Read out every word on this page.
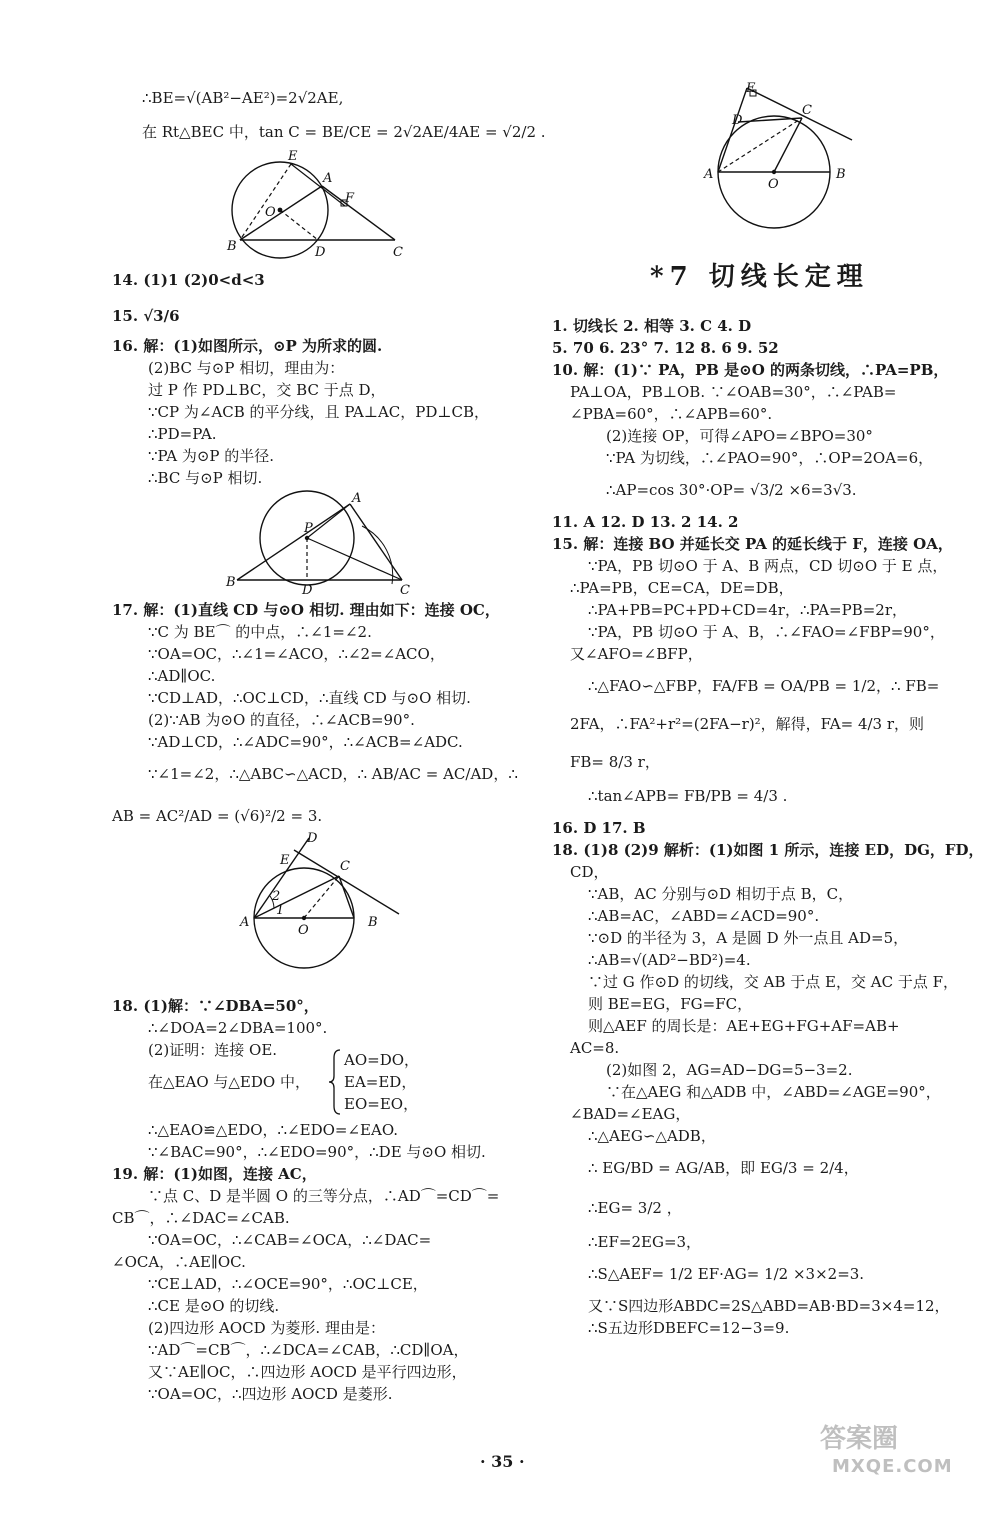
∴BE=√(AB²−AE²)=2√2AE,
在 Rt△BEC 中，tan C = BE/CE = 2√2AE/4AE = √2/2 .
14. (1)1 (2)0<d<3
15. √3/6
16. 解：(1)如图所示，⊙P 为所求的圆.
(2)BC 与⊙P 相切，理由为：
过 P 作 PD⊥BC，交 BC 于点 D，
∵CP 为∠ACB 的平分线，且 PA⊥AC，PD⊥CB，
∴PD=PA.
∵PA 为⊙P 的半径.
∴BC 与⊙P 相切.
17. 解：(1)直线 CD 与⊙O 相切. 理由如下：连接 OC，
∵C 为 BE⌒ 的中点，∴∠1=∠2.
∵OA=OC，∴∠1=∠ACO，∴∠2=∠ACO，
∴AD∥OC.
∵CD⊥AD，∴OC⊥CD，∴直线 CD 与⊙O 相切.
(2)∵AB 为⊙O 的直径，∴∠ACB=90°.
∵AD⊥CD，∴∠ADC=90°，∴∠ACB=∠ADC.
∵∠1=∠2，∴△ABC∽△ACD，∴ AB/AC = AC/AD，∴
AB = AC²/AD = (√6)²/2 = 3.
18. (1)解：∵∠DBA=50°，
∴∠DOA=2∠DBA=100°.
(2)证明：连接 OE.
在△EAO 与△EDO 中，
AO=DO，
EA=ED，
EO=EO，
∴△EAO≌△EDO，∴∠EDO=∠EAO.
∵∠BAC=90°，∴∠EDO=90°，∴DE 与⊙O 相切.
19. 解：(1)如图，连接 AC，
∵点 C、D 是半圆 O 的三等分点，∴AD⌒=CD⌒=
CB⌒，∴∠DAC=∠CAB.
∵OA=OC，∴∠CAB=∠OCA，∴∠DAC=
∠OCA，∴AE∥OC.
∵CE⊥AD，∴∠OCE=90°，∴OC⊥CE，
∴CE 是⊙O 的切线.
(2)四边形 AOCD 为菱形. 理由是：
∵AD⌒=CB⌒，∴∠DCA=∠CAB，∴CD∥OA，
又∵AE∥OC，∴四边形 AOCD 是平行四边形，
∵OA=OC，∴四边形 AOCD 是菱形.
1. 切线长 2. 相等 3. C 4. D
5. 70 6. 23° 7. 12 8. 6 9. 52
10. 解：(1)∵ PA，PB 是⊙O 的两条切线，∴PA=PB，
PA⊥OA，PB⊥OB. ∵∠OAB=30°，∴∠PAB=
∠PBA=60°，∴∠APB=60°.
(2)连接 OP，可得∠APO=∠BPO=30°
∵PA 为切线，∴∠PAO=90°，∴OP=2OA=6，
∴AP=cos 30°·OP= √3/2 ×6=3√3.
11. A 12. D 13. 2 14. 2
15. 解：连接 BO 并延长交 PA 的延长线于 F，连接 OA，
∵PA，PB 切⊙O 于 A、B 两点，CD 切⊙O 于 E 点，
∴PA=PB，CE=CA，DE=DB，
∴PA+PB=PC+PD+CD=4r，∴PA=PB=2r，
∵PA，PB 切⊙O 于 A、B，∴∠FAO=∠FBP=90°，
又∠AFO=∠BFP，
∴△FAO∽△FBP，FA/FB = OA/PB = 1/2，∴ FB=
2FA，∴FA²+r²=(2FA−r)²，解得，FA= 4/3 r，则
FB= 8/3 r，
∴tan∠APB= FB/PB = 4/3 .
16. D 17. B
18. (1)8 (2)9 解析：(1)如图 1 所示，连接 ED，DG，FD，
CD，
∵AB，AC 分别与⊙D 相切于点 B，C，
∴AB=AC，∠ABD=∠ACD=90°.
∵⊙D 的半径为 3，A 是圆 D 外一点且 AD=5，
∴AB=√(AD²−BD²)=4.
∵过 G 作⊙D 的切线，交 AB 于点 E，交 AC 于点 F，
则 BE=EG，FG=FC，
则△AEF 的周长是：AE+EG+FG+AF=AB+
AC=8.
(2)如图 2，AG=AD−DG=5−3=2.
∵在△AEG 和△ADB 中，∠ABD=∠AGE=90°，
∠BAD=∠EAG，
∴△AEG∽△ADB，
∴ EG/BD = AG/AB，即 EG/3 = 2/4，
∴EG= 3/2 ，
∴EF=2EG=3，
∴S△AEF= 1/2 EF·AG= 1/2 ×3×2=3.
又∵S四边形ABDC=2S△ABD=AB·BD=3×4=12，
∴S五边形DBEFC=12−3=9.
*7 切线长定理
E
A
O
F
B	D	C
A
P
B
D	C
D
E	C
2
1
A
O
B
E
D
C
A
O
B
· 35 ·
答案圈
MXQE.COM
